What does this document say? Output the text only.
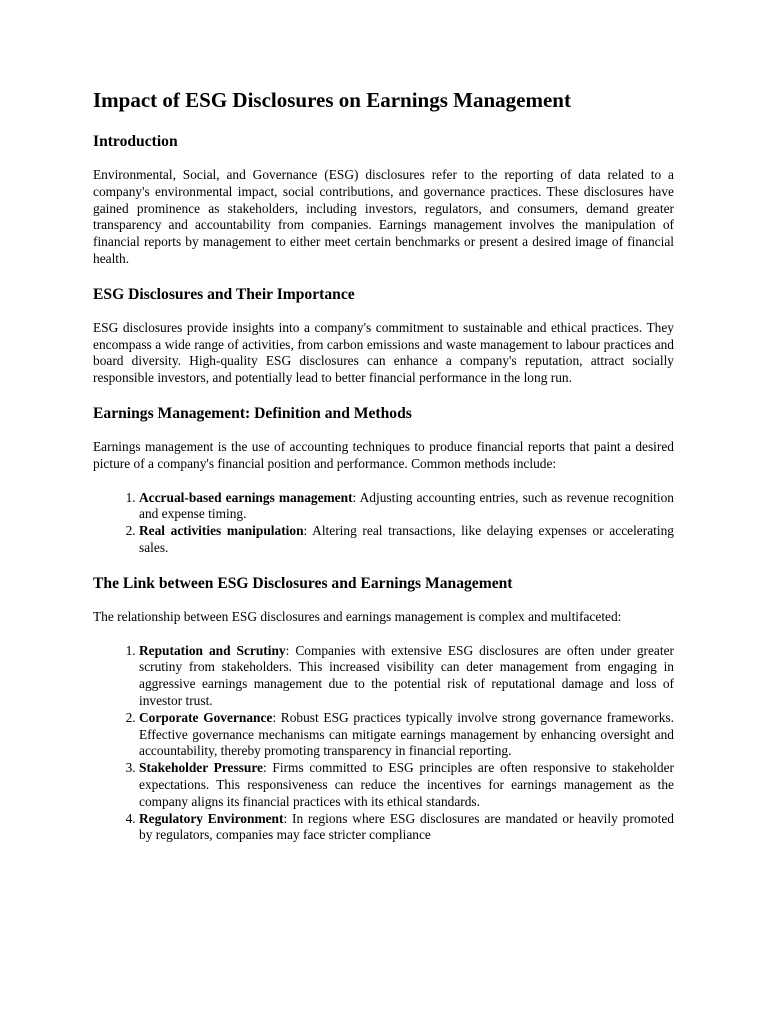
Impact of ESG Disclosures on Earnings Management
Introduction

Environmental, Social, and Governance (ESG) disclosures refer to the reporting of data related to a company's environmental impact, social contributions, and governance practices. These disclosures have gained prominence as stakeholders, including investors, regulators, and consumers, demand greater transparency and accountability from companies. Earnings management involves the manipulation of financial reports by management to either meet certain benchmarks or present a desired image of financial health.

ESG Disclosures and Their Importance

ESG disclosures provide insights into a company's commitment to sustainable and ethical practices. They encompass a wide range of activities, from carbon emissions and waste management to labour practices and board diversity. High-quality ESG disclosures can enhance a company's reputation, attract socially responsible investors, and potentially lead to better financial performance in the long run.

Earnings Management: Definition and Methods

Earnings management is the use of accounting techniques to produce financial reports that paint a desired picture of a company's financial position and performance. Common methods include:

1. Accrual-based earnings management: Adjusting accounting entries, such as revenue recognition and expense timing.
2. Real activities manipulation: Altering real transactions, like delaying expenses or accelerating sales.
The Link between ESG Disclosures and Earnings Management

The relationship between ESG disclosures and earnings management is complex and multifaceted:

1. Reputation and Scrutiny: Companies with extensive ESG disclosures are often under greater scrutiny from stakeholders. This increased visibility can deter management from engaging in aggressive earnings management due to the potential risk of reputational damage and loss of investor trust.
2. Corporate Governance: Robust ESG practices typically involve strong governance frameworks. Effective governance mechanisms can mitigate earnings management by enhancing oversight and accountability, thereby promoting transparency in financial reporting.
3. Stakeholder Pressure: Firms committed to ESG principles are often responsive to stakeholder expectations. This responsiveness can reduce the incentives for earnings management as the company aligns its financial practices with its ethical standards.
4. Regulatory Environment: In regions where ESG disclosures are mandated or heavily promoted by regulators, companies may face stricter compliance
